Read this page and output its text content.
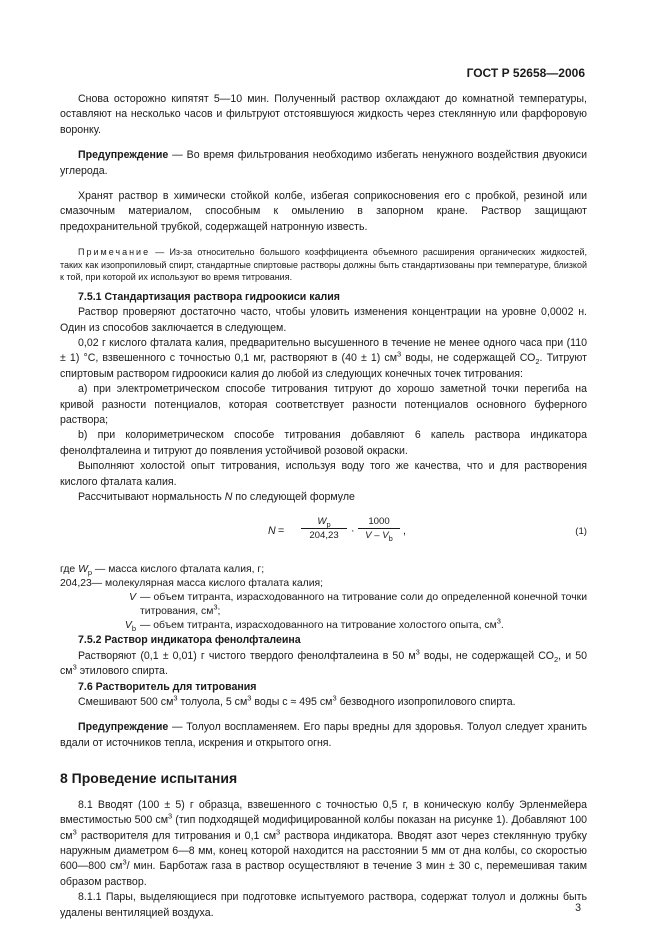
ГОСТ Р 52658—2006

Снова осторожно кипятят 5—10 мин. Полученный раствор охлаждают до комнатной температуры, оставляют на несколько часов и фильтруют отстоявшуюся жидкость через стеклянную или фарфоровую воронку.

Предупреждение — Во время фильтрования необходимо избегать ненужного воздействия двуокиси углерода.

Хранят раствор в химически стойкой колбе, избегая соприкосновения его с пробкой, резиной или смазочным материалом, способным к омылению в запорном кране. Раствор защищают предохранительной трубкой, содержащей натронную известь.

Примечание — Из-за относительно большого коэффициента объемного расширения органических жидкостей, таких как изопропиловый спирт, стандартные спиртовые растворы должны быть стандартизованы при температуре, близкой к той, при которой их используют во время титрования.

7.5.1 Стандартизация раствора гидроокиси калия

Раствор проверяют достаточно часто, чтобы уловить изменения концентрации на уровне 0,0002 н. Один из способов заключается в следующем.

0,02 г кислого фталата калия, предварительно высушенного в течение не менее одного часа при (110 ± 1) °С, взвешенного с точностью 0,1 мг, растворяют в (40 ± 1) $см^3$ воды, не содержащей $СО_2$. Титруют спиртовым раствором гидроокиси калия до любой из следующих конечных точек титрования:

а) при электрометрическом способе титрования титруют до хорошо заметной точки перегиба на кривой разности потенциалов, которая соответствует разности потенциалов основного буферного раствора;

b) при колориметрическом способе титрования добавляют 6 капель раствора индикатора фенолфталеина и титруют до появления устойчивой розовой окраски.

Выполняют холостой опыт титрования, используя воду того же качества, что и для растворения кислого фталата калия.

Рассчитывают нормальность N по следующей формуле

N =
$W_p$
204,23 ·
1000
V – $V_b$
,	(1)
где $W_p$ — масса кислого фталата калия, г;
204,23 — молекулярная масса кислого фталата калия;
V — объем титранта, израсходованного на титрование соли до определенной конечной точки титрования, $см^3$;
$V_b$ — объем титранта, израсходованного на титрование холостого опыта, $см^3$.

7.5.2 Раствор индикатора фенолфталеина

Растворяют (0,1 ± 0,01) г чистого твердого фенолфталеина в 50 $м^3$ воды, не содержащей $СО_2$, и 50 $см^3$ этилового спирта.

7.6 Растворитель для титрования

Смешивают 500 $см^3$ толуола, 5 $см^3$ воды с ≈ 495 $см^3$ безводного изопропилового спирта.

Предупреждение — Толуол воспламеняем. Его пары вредны для здоровья. Толуол следует хранить вдали от источников тепла, искрения и открытого огня.

8 Проведение испытания

8.1 Вводят (100 ± 5) г образца, взвешенного с точностью 0,5 г, в коническую колбу Эрленмейера вместимостью 500 $см^3$ (тип подходящей модифицированной колбы показан на рисунке 1). Добавляют 100 $см^3$ растворителя для титрования и 0,1 $см^3$ раствора индикатора. Вводят азот через стеклянную трубку наружным диаметром 6—8 мм, конец которой находится на расстоянии 5 мм от дна колбы, со скоростью 600—800 $см^3/$ мин. Барботаж газа в раствор осуществляют в течение 3 мин ± 30 с, перемешивая таким образом раствор.

8.1.1 Пары, выделяющиеся при подготовке испытуемого раствора, содержат толуол и должны быть удалены вентиляцией воздуха.	3
